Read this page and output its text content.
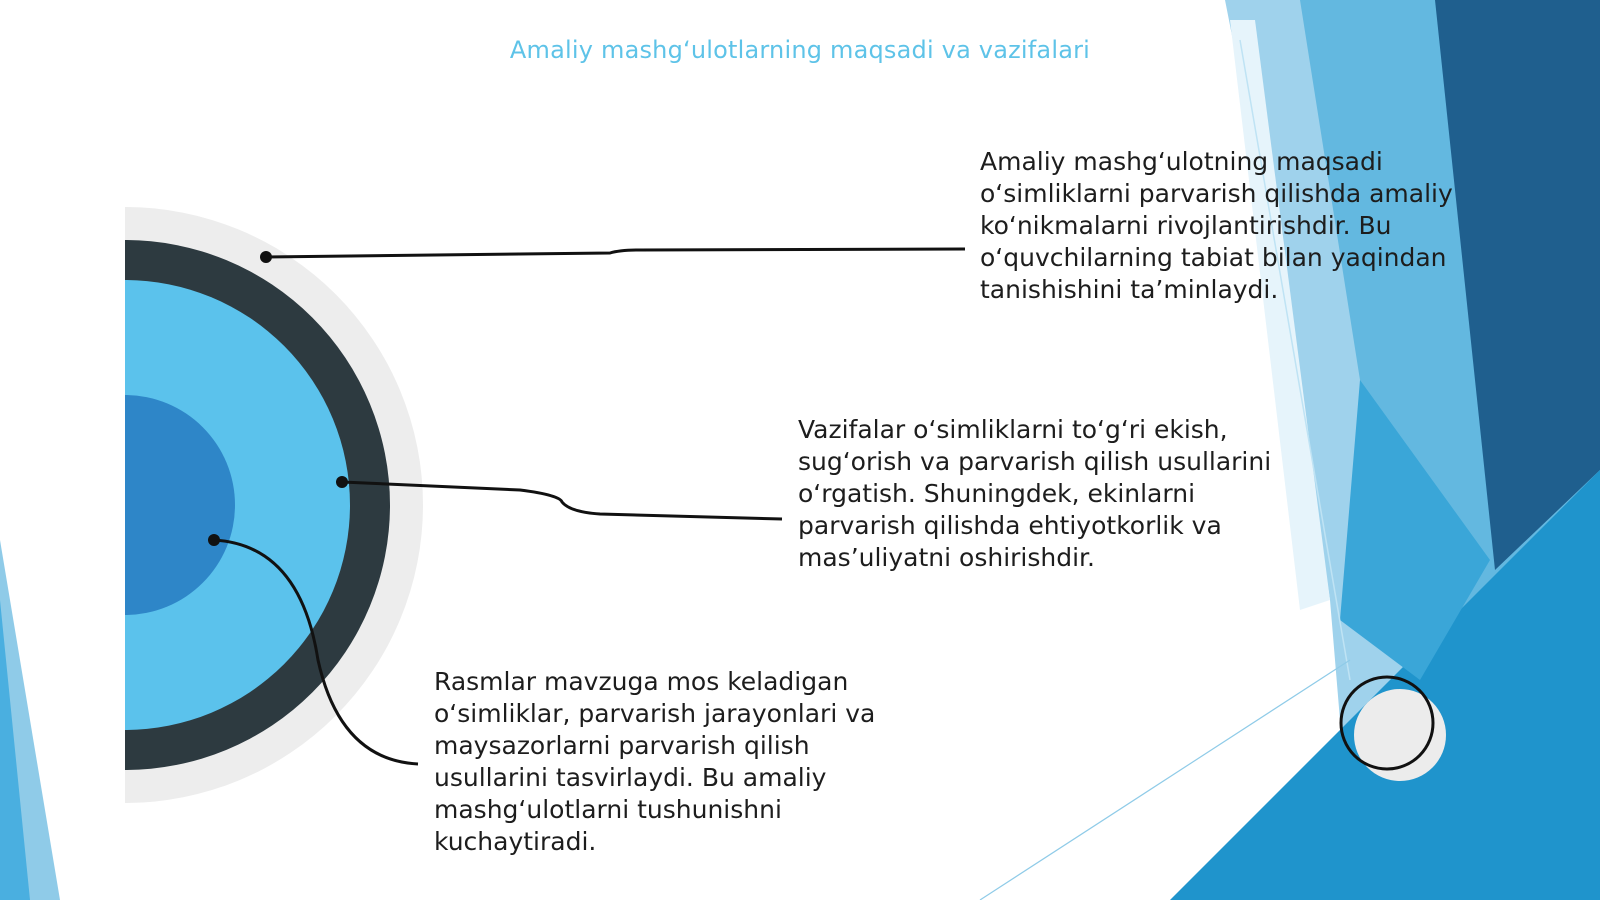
Amaliy mashg‘ulotlarning maqsadi va vazifalari
Amaliy mashg‘ulotning maqsadi
o‘simliklarni parvarish qilishda amaliy
ko‘nikmalarni rivojlantirishdir. Bu
o‘quvchilarning tabiat bilan yaqindan
tanishishini ta’minlaydi.
Vazifalar o‘simliklarni to‘g‘ri ekish,
sug‘orish va parvarish qilish usullarini
o‘rgatish. Shuningdek, ekinlarni
parvarish qilishda ehtiyotkorlik va
mas’uliyatni oshirishdir.
Rasmlar mavzuga mos keladigan
o‘simliklar, parvarish jarayonlari va
maysazorlarni parvarish qilish
usullarini tasvirlaydi. Bu amaliy
mashg‘ulotlarni tushunishni
kuchaytiradi.
